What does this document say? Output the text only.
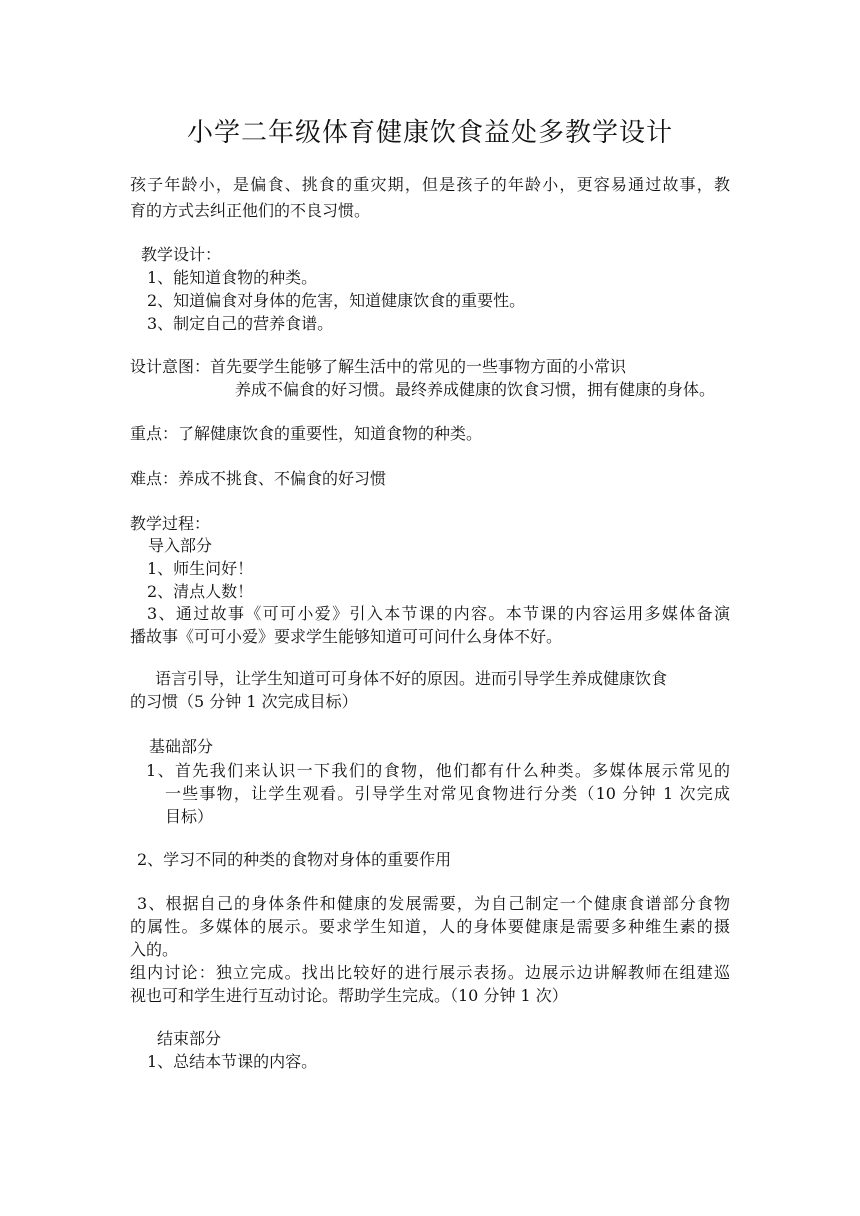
小学二年级体育健康饮食益处多教学设计
孩子年龄小，是偏食、挑食的重灾期，但是孩子的年龄小，更容易通过故事，教
育的方式去纠正他们的不良习惯。
教学设计：
1、能知道食物的种类。
2、知道偏食对身体的危害，知道健康饮食的重要性。
3、制定自己的营养食谱。
设计意图：首先要学生能够了解生活中的常见的一些事物方面的小常识
养成不偏食的好习惯。最终养成健康的饮食习惯，拥有健康的身体。
重点：了解健康饮食的重要性，知道食物的种类。
难点：养成不挑食、不偏食的好习惯
教学过程：
导入部分
1、师生问好！
2、清点人数！
3、通过故事《可可小爱》引入本节课的内容。本节课的内容运用多媒体备演
播故事《可可小爱》要求学生能够知道可可问什么身体不好。
语言引导，让学生知道可可身体不好的原因。进而引导学生养成健康饮食
的习惯（5 分钟 1 次完成目标）
基础部分
1、首先我们来认识一下我们的食物，他们都有什么种类。多媒体展示常见的
一些事物，让学生观看。引导学生对常见食物进行分类（10 分钟 1 次完成
目标）
2、学习不同的种类的食物对身体的重要作用
3、根据自己的身体条件和健康的发展需要，为自己制定一个健康食谱部分食物
的属性。多媒体的展示。要求学生知道，人的身体要健康是需要多种维生素的摄
入的。
组内讨论：独立完成。找出比较好的进行展示表扬。边展示边讲解教师在组建巡
视也可和学生进行互动讨论。帮助学生完成。（10 分钟 1 次）
结束部分
1、总结本节课的内容。
